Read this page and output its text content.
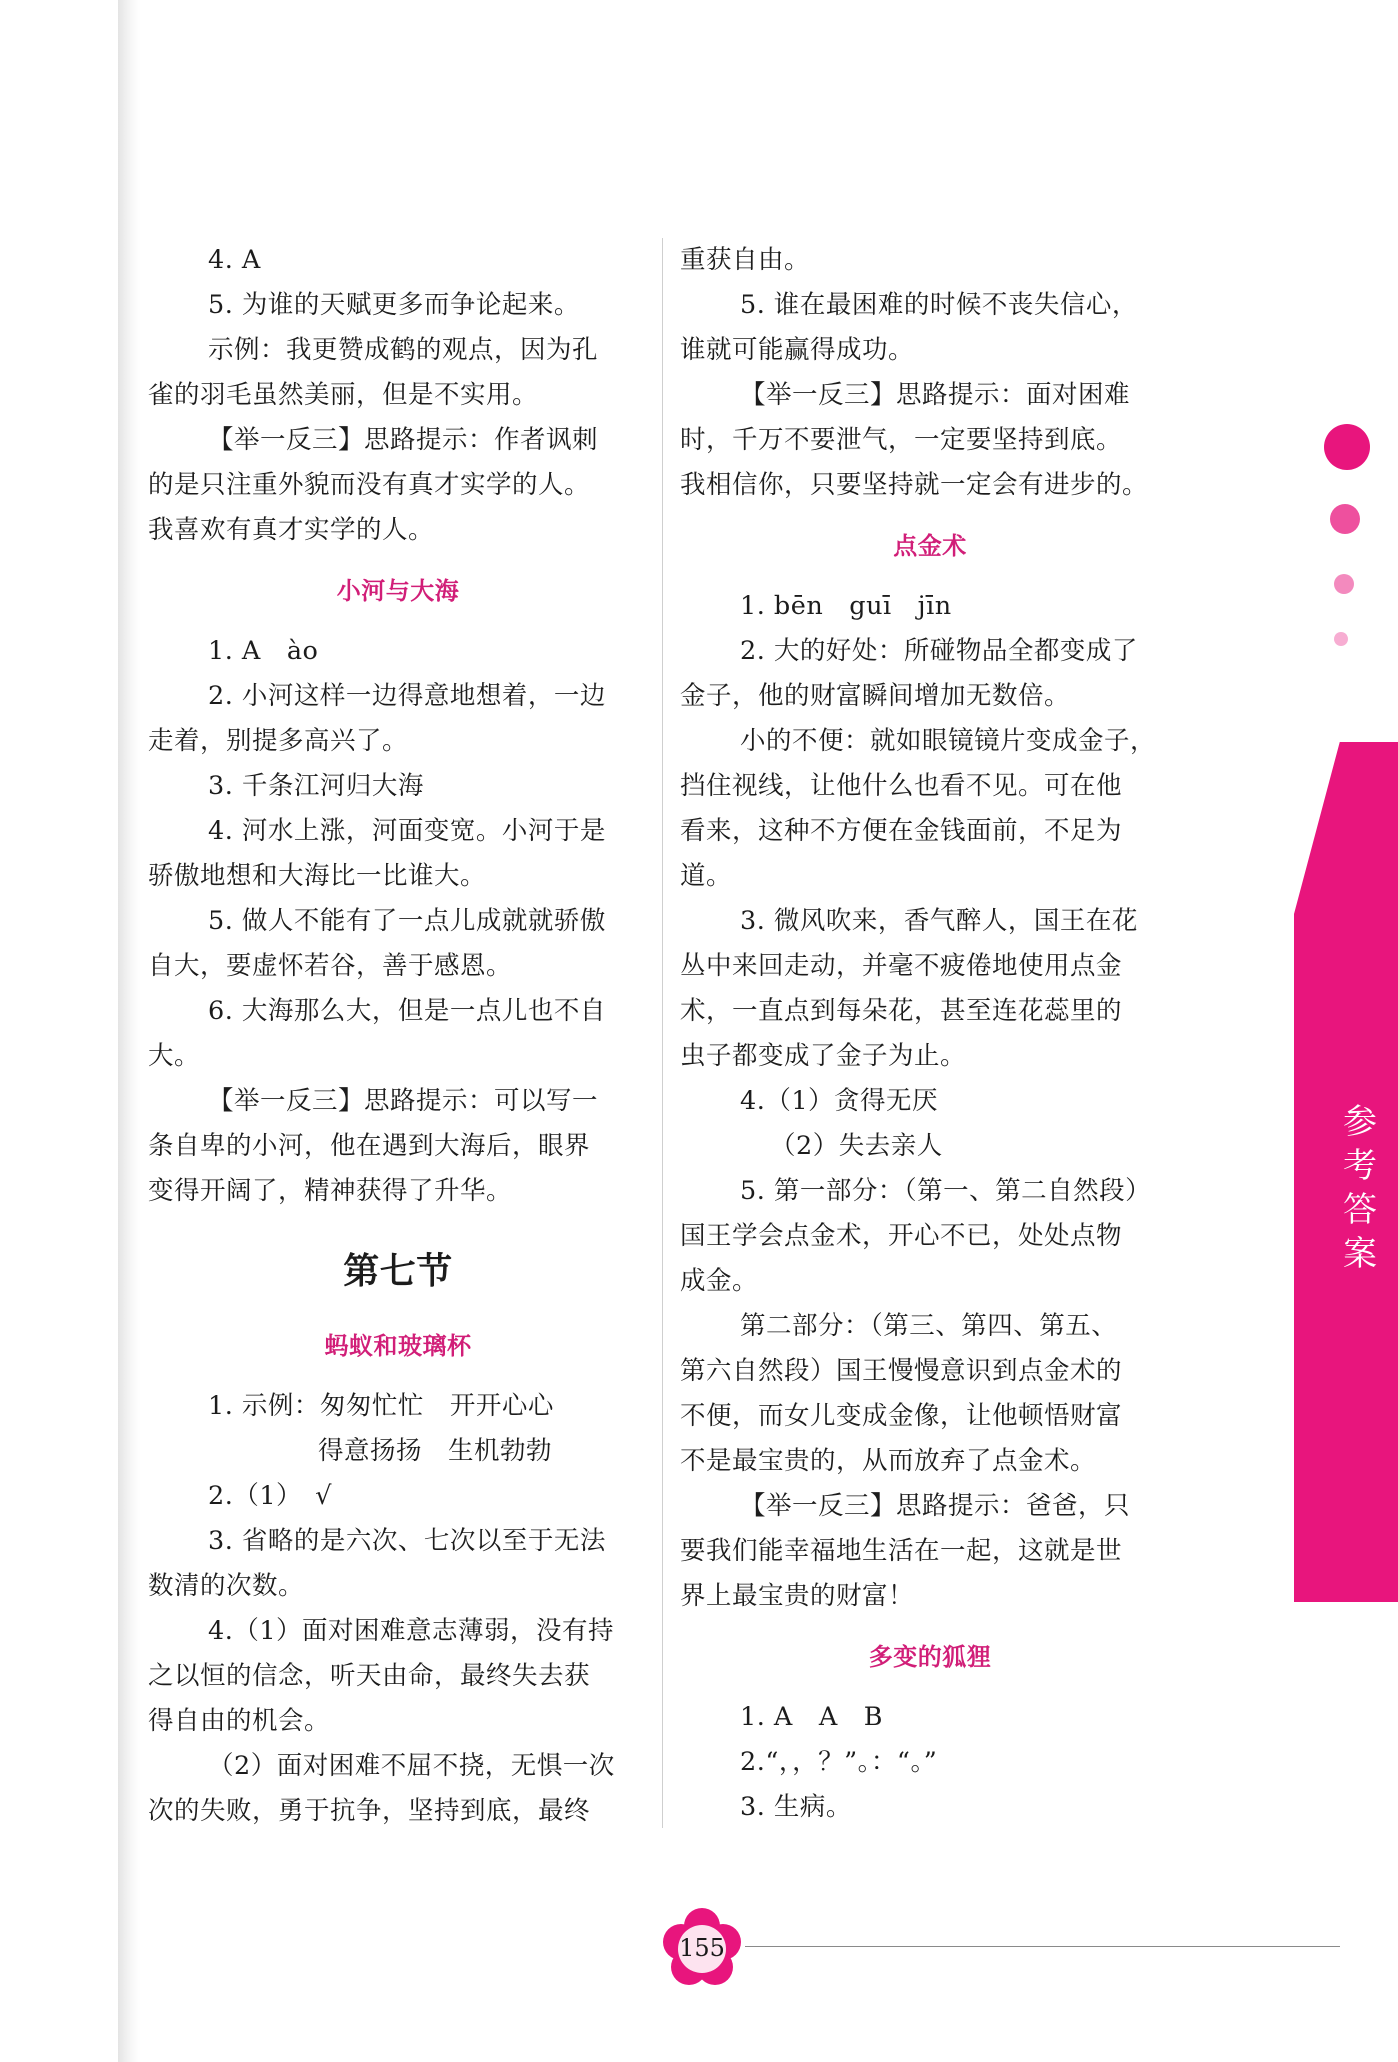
4. A
5. 为谁的天赋更多而争论起来。
示例：我更赞成鹤的观点，因为孔
雀的羽毛虽然美丽，但是不实用。
【举一反三】思路提示：作者讽刺
的是只注重外貌而没有真才实学的人。
我喜欢有真才实学的人。
小河与大海
1. A　ào
2. 小河这样一边得意地想着，一边
走着，别提多高兴了。
3. 千条江河归大海
4. 河水上涨，河面变宽。小河于是
骄傲地想和大海比一比谁大。
5. 做人不能有了一点儿成就就骄傲
自大，要虚怀若谷，善于感恩。
6. 大海那么大，但是一点儿也不自
大。
【举一反三】思路提示：可以写一
条自卑的小河，他在遇到大海后，眼界
变得开阔了，精神获得了升华。
第七节
蚂蚁和玻璃杯
1. 示例：匆匆忙忙　开开心心
得意扬扬　生机勃勃
2.（1）　√
3. 省略的是六次、七次以至于无法
数清的次数。
4.（1）面对困难意志薄弱，没有持
之以恒的信念，听天由命，最终失去获
得自由的机会。
（2）面对困难不屈不挠，无惧一次
次的失败，勇于抗争，坚持到底，最终
重获自由。
5. 谁在最困难的时候不丧失信心，
谁就可能赢得成功。
【举一反三】思路提示：面对困难
时，千万不要泄气，一定要坚持到底。
我相信你，只要坚持就一定会有进步的。
点金术
1. bēn　guī　jīn
2. 大的好处：所碰物品全都变成了
金子，他的财富瞬间增加无数倍。
小的不便：就如眼镜镜片变成金子，
挡住视线，让他什么也看不见。可在他
看来，这种不方便在金钱面前，不足为
道。
3. 微风吹来，香气醉人，国王在花
丛中来回走动，并毫不疲倦地使用点金
术，一直点到每朵花，甚至连花蕊里的
虫子都变成了金子为止。
4.（1）贪得无厌
（2）失去亲人
5. 第一部分：（第一、第二自然段）
国王学会点金术，开心不已，处处点物
成金。
第二部分：（第三、第四、第五、
第六自然段）国王慢慢意识到点金术的
不便，而女儿变成金像，让他顿悟财富
不是最宝贵的，从而放弃了点金术。
【举一反三】思路提示：爸爸，只
要我们能幸福地生活在一起，这就是世
界上最宝贵的财富！
多变的狐狸
1. A　A　B
2.“，，？”。：“。”
3. 生病。
参考答案
155
